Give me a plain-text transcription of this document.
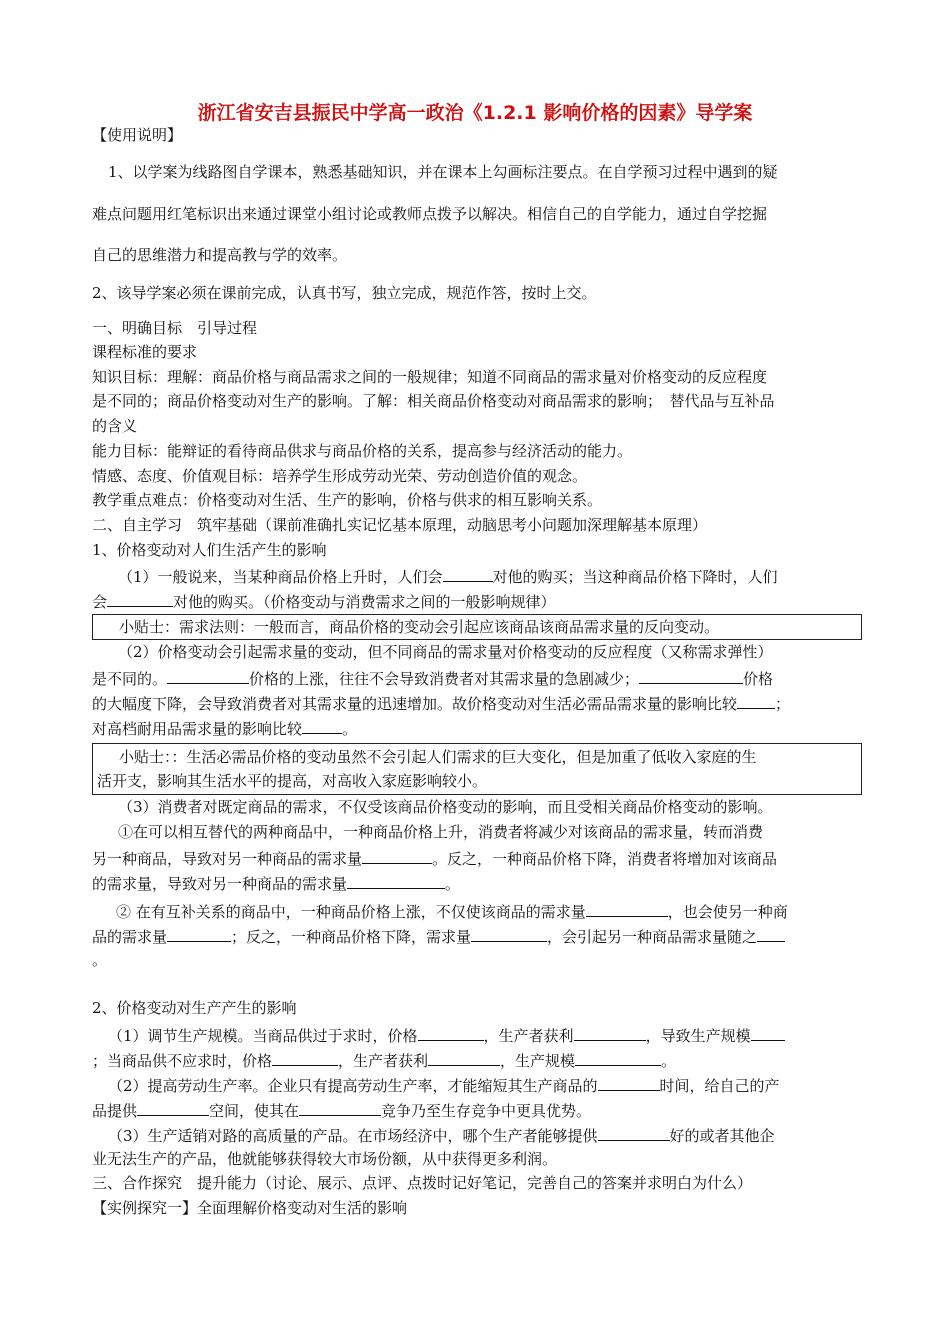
浙江省安吉县振民中学高一政治《1.2.1 影响价格的因素》导学案
【使用说明】
1、以学案为线路图自学课本，熟悉基础知识，并在课本上勾画标注要点。在自学预习过程中遇到的疑
难点问题用红笔标识出来通过课堂小组讨论或教师点拨予以解决。相信自己的自学能力，通过自学挖掘
自己的思维潜力和提高教与学的效率。
2、该导学案必须在课前完成，认真书写，独立完成，规范作答，按时上交。
一、明确目标　引导过程
课程标准的要求
知识目标：理解：商品价格与商品需求之间的一般规律；知道不同商品的需求量对价格变动的反应程度
是不同的；商品价格变动对生产的影响。了解：相关商品价格变动对商品需求的影响；　替代品与互补品
的含义
能力目标：能辩证的看待商品供求与商品价格的关系，提高参与经济活动的能力。
情感、态度、价值观目标：培养学生形成劳动光荣、劳动创造价值的观念。
教学重点难点：价格变动对生活、生产的影响，价格与供求的相互影响关系。
二、自主学习　筑牢基础（课前准确扎实记忆基本原理，动脑思考小问题加深理解基本原理）
1、价格变动对人们生活产生的影响
（1）一般说来，当某种商品价格上升时，人们会	对他的购买；当这种商品价格下降时，人们
会	对他的购买。（价格变动与消费需求之间的一般影响规律）
小贴士：需求法则：一般而言，商品价格的变动会引起应该商品该商品需求量的反向变动。
（2）价格变动会引起需求量的变动，但不同商品的需求量对价格变动的反应程度（又称需求弹性）
是不同的。	价格的上涨，往往不会导致消费者对其需求量的急剧减少；	价格
的大幅度下降，会导致消费者对其需求量的迅速增加。故价格变动对生活必需品需求量的影响比较	；
对高档耐用品需求量的影响比较	。
小贴士：：生活必需品价格的变动虽然不会引起人们需求的巨大变化，但是加重了低收入家庭的生
活开支，影响其生活水平的提高，对高收入家庭影响较小。
（3）消费者对既定商品的需求，不仅受该商品价格变动的影响，而且受相关商品价格变动的影响。
①在可以相互替代的两种商品中，一种商品价格上升，消费者将减少对该商品的需求量，转而消费
另一种商品，导致对另一种商品的需求量	。反之，一种商品价格下降，消费者将增加对该商品
的需求量，导致对另一种商品的需求量	。
② 在有互补关系的商品中，一种商品价格上涨，不仅使该商品的需求量	，也会使另一种商
品的需求量	；反之，一种商品价格下降，需求量	，会引起另一种商品需求量随之
。
2、价格变动对生产产生的影响
（1）调节生产规模。当商品供过于求时，价格	，生产者获利	，导致生产规模
；当商品供不应求时，价格	，生产者获利	，生产规模	。
（2）提高劳动生产率。企业只有提高劳动生产率，才能缩短其生产商品的	时间，给自己的产
品提供	空间，使其在	竞争乃至生存竞争中更具优势。
（3）生产适销对路的高质量的产品。在市场经济中，哪个生产者能够提供	好的或者其他企
业无法生产的产品，他就能够获得较大市场份额，从中获得更多利润。
三、合作探究　提升能力（讨论、展示、点评、点拨时记好笔记，完善自己的答案并求明白为什么）
【实例探究一】全面理解价格变动对生活的影响
